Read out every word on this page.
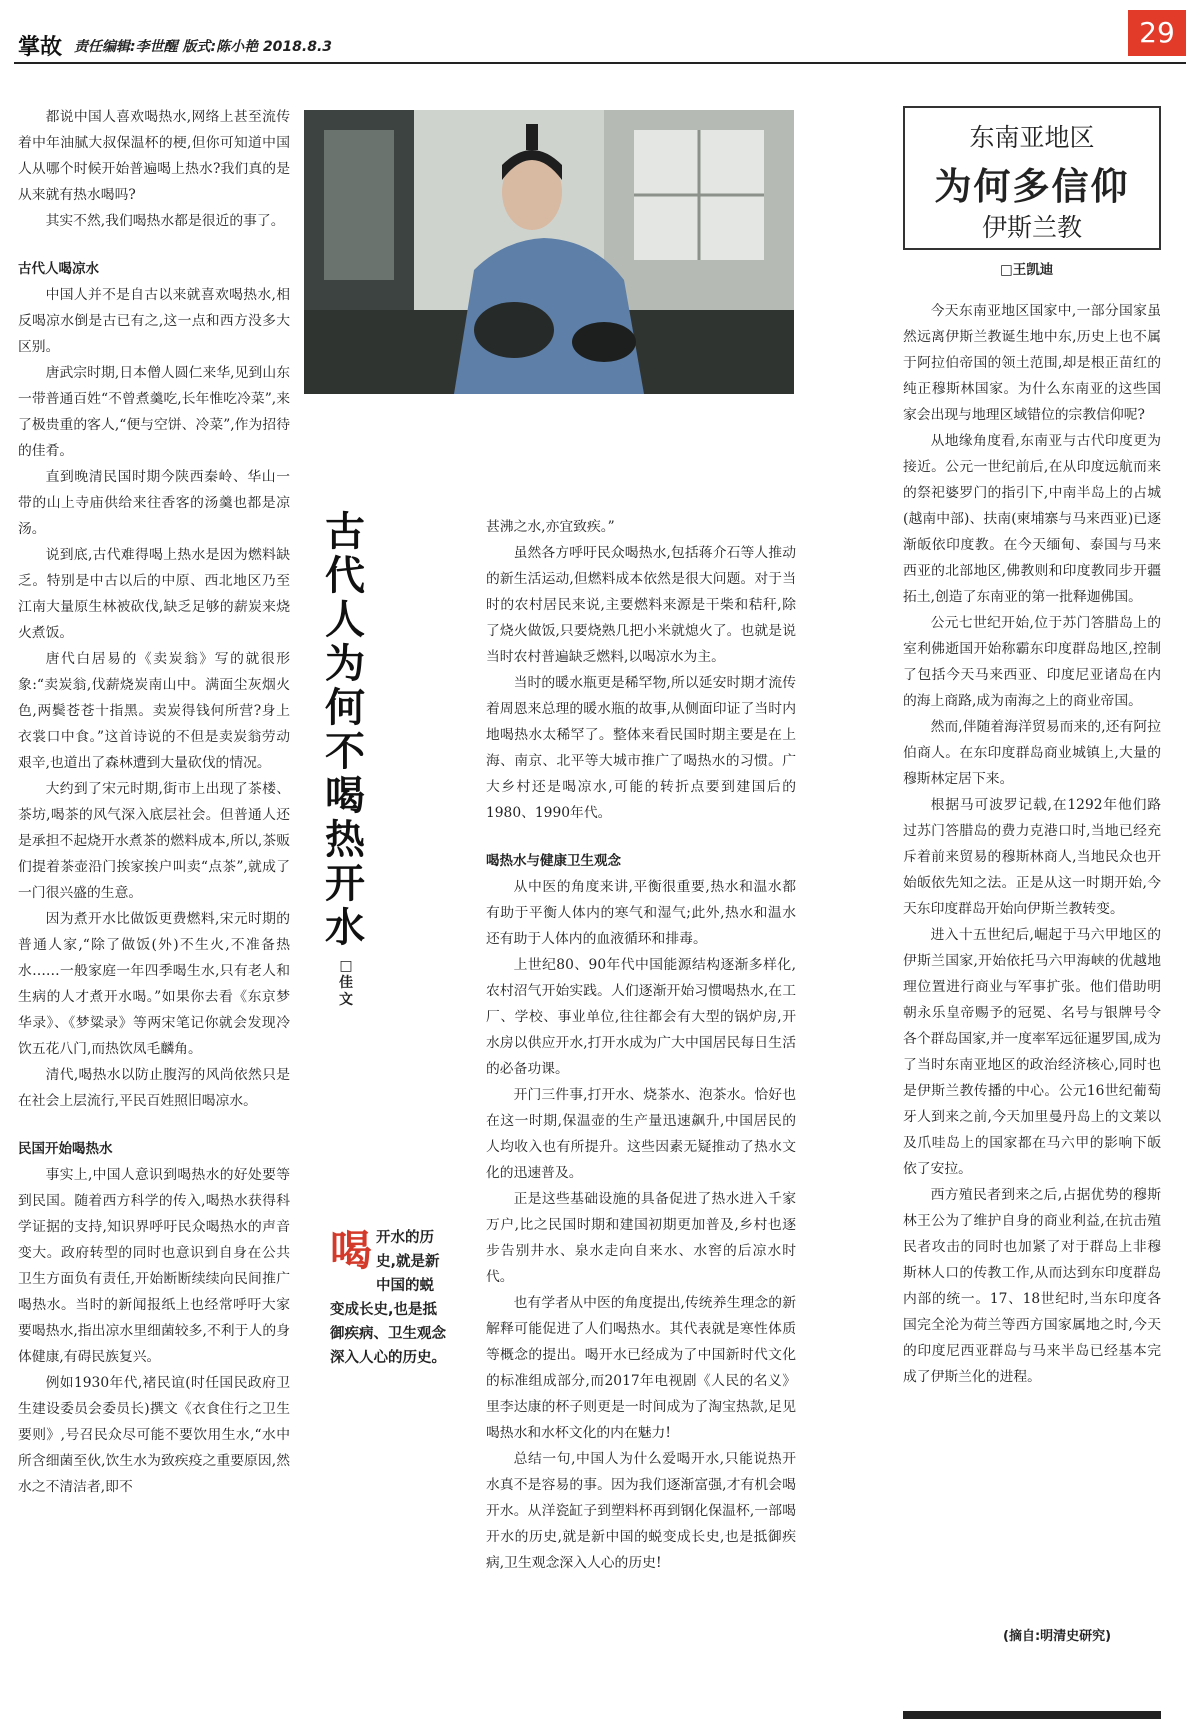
掌故 责任编辑:李世醒 版式:陈小艳 2018.8.3	29

都说中国人喜欢喝热水,网络上甚至流传着中年油腻大叔保温杯的梗,但你可知道中国人从哪个时候开始普遍喝上热水?我们真的是从来就有热水喝吗?

其实不然,我们喝热水都是很近的事了。

古代人喝凉水

中国人并不是自古以来就喜欢喝热水,相反喝凉水倒是古已有之,这一点和西方没多大区别。

唐武宗时期,日本僧人圆仁来华,见到山东一带普通百姓“不曾煮羹吃,长年惟吃冷菜”,来了极贵重的客人,“便与空饼、冷菜”,作为招待的佳肴。

直到晚清民国时期今陕西秦岭、华山一带的山上寺庙供给来往香客的汤羹也都是凉汤。

说到底,古代难得喝上热水是因为燃料缺乏。特别是中古以后的中原、西北地区乃至江南大量原生林被砍伐,缺乏足够的薪炭来烧火煮饭。

唐代白居易的《卖炭翁》写的就很形象:“卖炭翁,伐薪烧炭南山中。满面尘灰烟火色,两鬓苍苍十指黑。卖炭得钱何所营?身上衣裳口中食。”这首诗说的不但是卖炭翁劳动艰辛,也道出了森林遭到大量砍伐的情况。

大约到了宋元时期,街市上出现了茶楼、茶坊,喝茶的风气深入底层社会。但普通人还是承担不起烧开水煮茶的燃料成本,所以,茶贩们提着茶壶沿门挨家挨户叫卖“点茶”,就成了一门很兴盛的生意。

因为煮开水比做饭更费燃料,宋元时期的普通人家,“除了做饭(外)不生火,不准备热水……一般家庭一年四季喝生水,只有老人和生病的人才煮开水喝。”如果你去看《东京梦华录》、《梦粱录》等两宋笔记你就会发现冷饮五花八门,而热饮凤毛麟角。

清代,喝热水以防止腹泻的风尚依然只是在社会上层流行,平民百姓照旧喝凉水。

民国开始喝热水

事实上,中国人意识到喝热水的好处要等到民国。随着西方科学的传入,喝热水获得科学证据的支持,知识界呼吁民众喝热水的声音变大。政府转型的同时也意识到自身在公共卫生方面负有责任,开始断断续续向民间推广喝热水。当时的新闻报纸上也经常呼吁大家要喝热水,指出凉水里细菌较多,不利于人的身体健康,有碍民族复兴。

例如1930年代,褚民谊(时任国民政府卫生建设委员会委员长)撰文《衣食住行之卫生要则》,号召民众尽可能不要饮用生水,“水中所含细菌至伙,饮生水为致疾疫之重要原因,然水之不清洁者,即不

古代人为何不喝热开水
□佳文
喝 开水的历史,就是新中国的蜕变成长史,也是抵御疾病、卫生观念深入人心的历史。

甚沸之水,亦宜致疾。”

虽然各方呼吁民众喝热水,包括蒋介石等人推动的新生活运动,但燃料成本依然是很大问题。对于当时的农村居民来说,主要燃料来源是干柴和秸秆,除了烧火做饭,只要烧熟几把小米就熄火了。也就是说当时农村普遍缺乏燃料,以喝凉水为主。

当时的暖水瓶更是稀罕物,所以延安时期才流传着周恩来总理的暖水瓶的故事,从侧面印证了当时内地喝热水太稀罕了。整体来看民国时期主要是在上海、南京、北平等大城市推广了喝热水的习惯。广大乡村还是喝凉水,可能的转折点要到建国后的1980、1990年代。

喝热水与健康卫生观念

从中医的角度来讲,平衡很重要,热水和温水都有助于平衡人体内的寒气和湿气;此外,热水和温水还有助于人体内的血液循环和排毒。

上世纪80、90年代中国能源结构逐渐多样化,农村沼气开始实践。人们逐渐开始习惯喝热水,在工厂、学校、事业单位,往往都会有大型的锅炉房,开水房以供应开水,打开水成为广大中国居民每日生活的必备功课。

开门三件事,打开水、烧茶水、泡茶水。恰好也在这一时期,保温壶的生产量迅速飙升,中国居民的人均收入也有所提升。这些因素无疑推动了热水文化的迅速普及。

正是这些基础设施的具备促进了热水进入千家万户,比之民国时期和建国初期更加普及,乡村也逐步告别井水、泉水走向自来水、水窖的后凉水时代。

也有学者从中医的角度提出,传统养生理念的新解释可能促进了人们喝热水。其代表就是寒性体质等概念的提出。喝开水已经成为了中国新时代文化的标准组成部分,而2017年电视剧《人民的名义》里李达康的杯子则更是一时间成为了淘宝热款,足见喝热水和水杯文化的内在魅力!

总结一句,中国人为什么爱喝开水,只能说热开水真不是容易的事。因为我们逐渐富强,才有机会喝开水。从洋瓷缸子到塑料杯再到钢化保温杯,一部喝开水的历史,就是新中国的蜕变成长史,也是抵御疾病,卫生观念深入人心的历史!

东南亚地区
为何多信仰
伊斯兰教
□王凯迪

今天东南亚地区国家中,一部分国家虽然远离伊斯兰教诞生地中东,历史上也不属于阿拉伯帝国的领土范围,却是根正苗红的纯正穆斯林国家。为什么东南亚的这些国家会出现与地理区域错位的宗教信仰呢?

从地缘角度看,东南亚与古代印度更为接近。公元一世纪前后,在从印度远航而来的祭祀婆罗门的指引下,中南半岛上的占城(越南中部)、扶南(柬埔寨与马来西亚)已逐渐皈依印度教。在今天缅甸、泰国与马来西亚的北部地区,佛教则和印度教同步开疆拓土,创造了东南亚的第一批释迦佛国。

公元七世纪开始,位于苏门答腊岛上的室利佛逝国开始称霸东印度群岛地区,控制了包括今天马来西亚、印度尼亚诸岛在内的海上商路,成为南海之上的商业帝国。

然而,伴随着海洋贸易而来的,还有阿拉伯商人。在东印度群岛商业城镇上,大量的穆斯林定居下来。

根据马可波罗记载,在1292年他们路过苏门答腊岛的费力克港口时,当地已经充斥着前来贸易的穆斯林商人,当地民众也开始皈依先知之法。正是从这一时期开始,今天东印度群岛开始向伊斯兰教转变。

进入十五世纪后,崛起于马六甲地区的伊斯兰国家,开始依托马六甲海峡的优越地理位置进行商业与军事扩张。他们借助明朝永乐皇帝赐予的冠冕、名号与银牌号令各个群岛国家,并一度率军远征暹罗国,成为了当时东南亚地区的政治经济核心,同时也是伊斯兰教传播的中心。公元16世纪葡萄牙人到来之前,今天加里曼丹岛上的文莱以及爪哇岛上的国家都在马六甲的影响下皈依了安拉。

西方殖民者到来之后,占据优势的穆斯林王公为了维护自身的商业利益,在抗击殖民者攻击的同时也加紧了对于群岛上非穆斯林人口的传教工作,从而达到东印度群岛内部的统一。17、18世纪时,当东印度各国完全沦为荷兰等西方国家属地之时,今天的印度尼西亚群岛与马来半岛已经基本完成了伊斯兰化的进程。

(摘自:明清史研究)
